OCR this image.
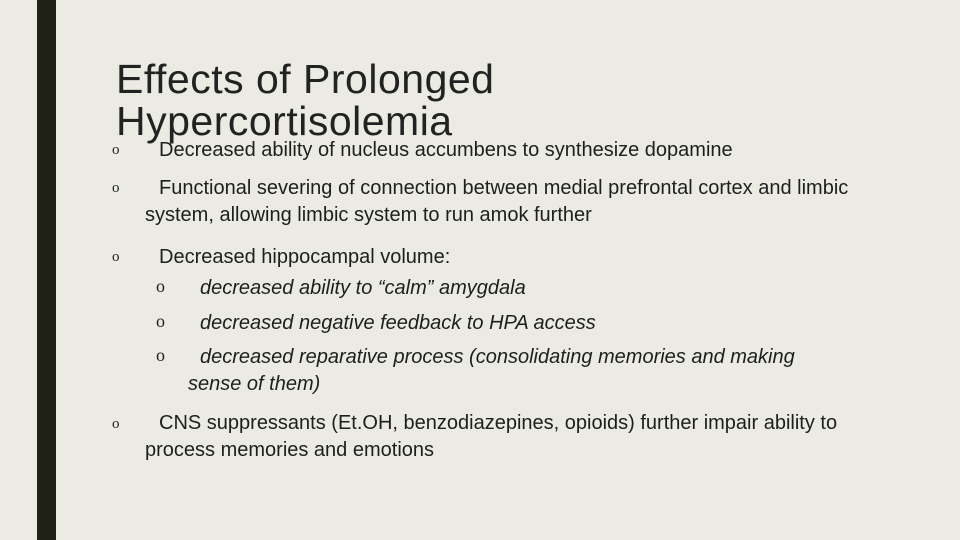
Effects of Prolonged Hypercortisolemia
o	Decreased ability of nucleus accumbens to synthesize dopamine
o	Functional severing of connection between medial prefrontal cortex and limbic system, allowing limbic system to run amok further
o	Decreased hippocampal volume:
o	decreased ability to “calm” amygdala
o	decreased negative feedback to HPA access
o	decreased reparative process (consolidating memories and making sense of them)
o	CNS suppressants (Et.OH, benzodiazepines, opioids) further impair ability to process memories and emotions
